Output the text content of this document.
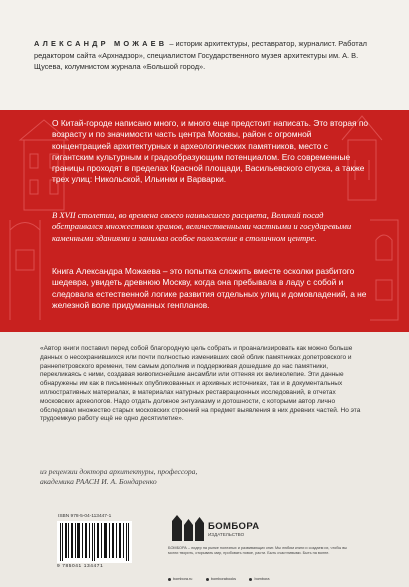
АЛЕКСАНДР МОЖАЕВ – историк архитектуры, реставратор, журналист. Работал редактором сайта «Архнадзор», специалистом Государственного музея архитектуры им. А. В. Щусева, колумнистом журнала «Большой город».
О Китай-городе написано много, и много еще предстоит написать. Это вторая по возрасту и по значимости часть центра Москвы, район с огромной концентрацией архитектурных и археологических памятников, место с гигантским культурным и градообразующим потенциалом. Его современные границы проходят в пределах Красной площади, Васильевского спуска, а также трех улиц: Никольской, Ильинки и Варварки.
В XVII столетии, во времена своего наивысшего расцвета, Великий посад обстраивался множеством храмов, величественными частными и государевыми каменными зданиями и занимал особое положение в столичном центре.
Книга Александра Можаева – это попытка сложить вместе осколки разбитого шедевра, увидеть древнюю Москву, когда она пребывала в ладу с собой и следовала естественной логике развития отдельных улиц и домовладений, а не железной воле придуманных генпланов.
«Автор книги поставил перед собой благородную цель собрать и проанализировать как можно больше данных о несохранившихся или почти полностью изменивших свой облик памятниках допетровского и раннепетровского времени, тем самым дополнив и поддерживая дошедшие до нас памятники, перекликаясь с ними, создавая живописнейшие ансамбли или оттеняя их великолепие. Эти данные обнаружены им как в письменных опубликованных и архивных источниках, так и в документальных иллюстративных материалах, в материалах натурных реставрационных исследований, в отчетах московских археологов. Надо отдать должное энтузиазму и дотошности, с которыми автор лично обследовал множество старых московских строений на предмет выявления в них древних частей. Но эта трудоемкую работу ещё не одно десятилетие».
из рецензии доктора архитектуры, профессора,
академика РААСН И. А. Бондаренко
ISBN 978-5-04-113447-1
9 785041 134471
БОМБОРА
ИЗДАТЕЛЬСТВО
БОМБОРА – лидер на рынке полезных и развивающих книг. Мы любим книги и создаем их, чтобы вы могли творить, открывать мир, пробовать новое, расти. Быть счастливыми. Быть на волне.
bombora.ru	bomborabooks	bombora
